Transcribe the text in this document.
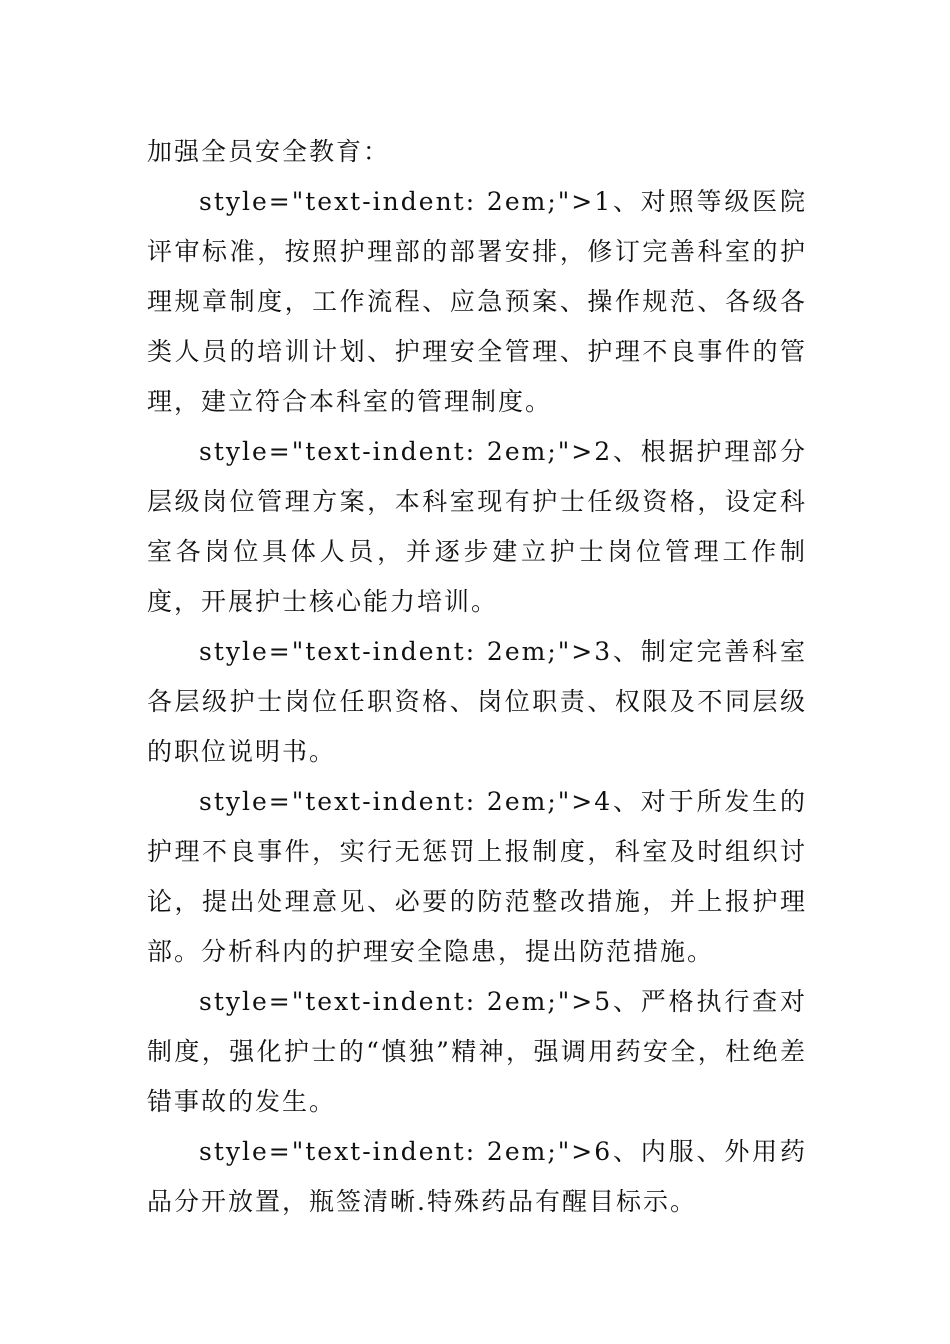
加强全员安全教育：

style="text-indent: 2em;">1、对照等级医院评审标准，按照护理部的部署安排，修订完善科室的护理规章制度，工作流程、应急预案、操作规范、各级各类人员的培训计划、护理安全管理、护理不良事件的管理，建立符合本科室的管理制度。

style="text-indent: 2em;">2、根据护理部分层级岗位管理方案，本科室现有护士任级资格，设定科室各岗位具体人员，并逐步建立护士岗位管理工作制度，开展护士核心能力培训。

style="text-indent: 2em;">3、制定完善科室各层级护士岗位任职资格、岗位职责、权限及不同层级的职位说明书。

style="text-indent: 2em;">4、对于所发生的护理不良事件，实行无惩罚上报制度，科室及时组织讨论，提出处理意见、必要的防范整改措施，并上报护理部。分析科内的护理安全隐患，提出防范措施。

style="text-indent: 2em;">5、严格执行查对制度，强化护士的“慎独”精神，强调用药安全，杜绝差错事故的发生。

style="text-indent: 2em;">6、内服、外用药品分开放置，瓶签清晰.特殊药品有醒目标示。
